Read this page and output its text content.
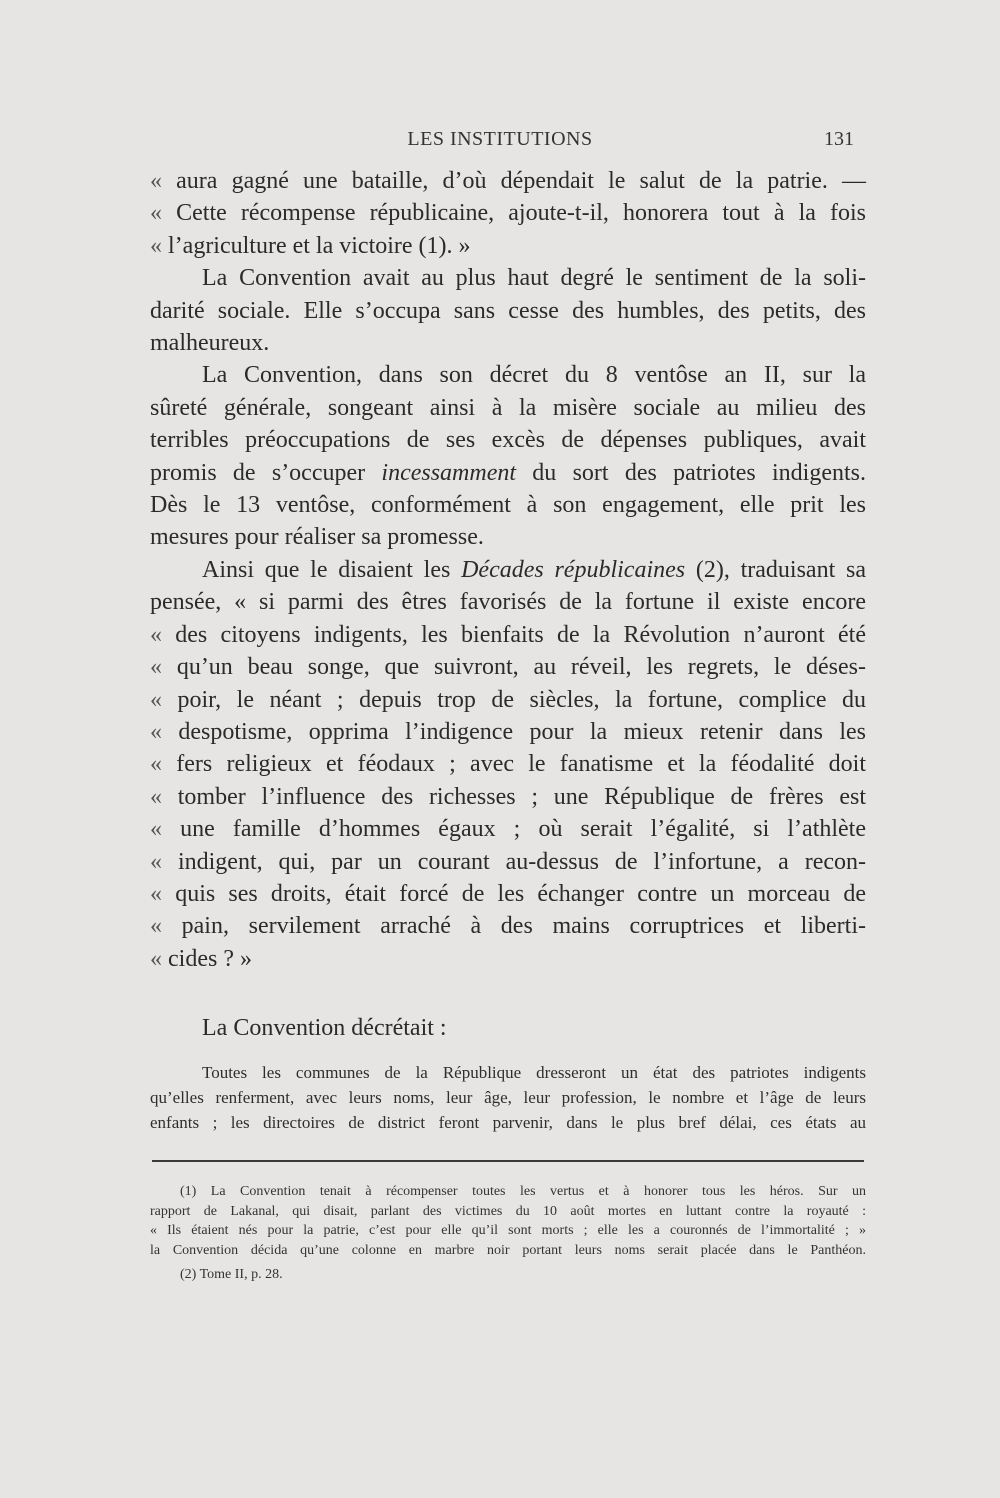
LES INSTITUTIONS	131
« aura gagné une bataille, d’où dépendait le salut de la patrie. —
« Cette récompense républicaine, ajoute-t-il, honorera tout à la fois
« l’agriculture et la victoire (1). »
La Convention avait au plus haut degré le sentiment de la soli-
darité sociale. Elle s’occupa sans cesse des humbles, des petits, des
malheureux.
La Convention, dans son décret du 8 ventôse an II, sur la
sûreté générale, songeant ainsi à la misère sociale au milieu des
terribles préoccupations de ses excès de dépenses publiques, avait
promis de s’occuper incessamment du sort des patriotes indigents.
Dès le 13 ventôse, conformément à son engagement, elle prit les
mesures pour réaliser sa promesse.
Ainsi que le disaient les Décades républicaines (2), traduisant sa
pensée, « si parmi des êtres favorisés de la fortune il existe encore
« des citoyens indigents, les bienfaits de la Révolution n’auront été
« qu’un beau songe, que suivront, au réveil, les regrets, le déses-
« poir, le néant ; depuis trop de siècles, la fortune, complice du
« despotisme, opprima l’indigence pour la mieux retenir dans les
« fers religieux et féodaux ; avec le fanatisme et la féodalité doit
« tomber l’influence des richesses ; une République de frères est
« une famille d’hommes égaux ; où serait l’égalité, si l’athlète
« indigent, qui, par un courant au-dessus de l’infortune, a recon-
« quis ses droits, était forcé de les échanger contre un morceau de
« pain, servilement arraché à des mains corruptrices et liberti-
« cides ? »
La Convention décrétait :
Toutes les communes de la République dresseront un état des patriotes indigents
qu’elles renferment, avec leurs noms, leur âge, leur profession, le nombre et l’âge de leurs
enfants ; les directoires de district feront parvenir, dans le plus bref délai, ces états au
(1) La Convention tenait à récompenser toutes les vertus et à honorer tous les héros. Sur un
rapport de Lakanal, qui disait, parlant des victimes du 10 août mortes en luttant contre la royauté :
« Ils étaient nés pour la patrie, c’est pour elle qu’il sont morts ; elle les a couronnés de l’immortalité ; »
la Convention décida qu’une colonne en marbre noir portant leurs noms serait placée dans le Panthéon.
(2) Tome II, p. 28.
